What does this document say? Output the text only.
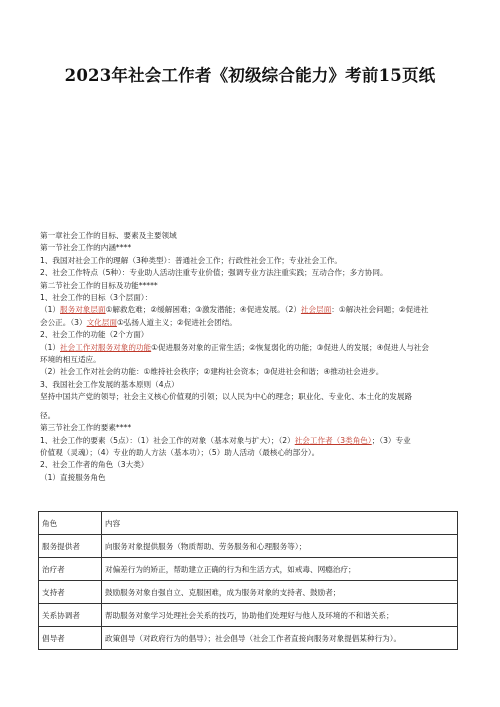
2023年社会工作者《初级综合能力》考前15页纸

第一章社会工作的目标、要素及主要领域

第一节社会工作的内涵****

1、我国对社会工作的理解（3种类型）：普通社会工作；行政性社会工作；专业社会工作。

2、社会工作特点（5种）：专业助人活动注重专业价值；强调专业方法注重实践；互动合作；多方协同。

第二节社会工作的目标及功能*****

1、社会工作的目标（3个层面）：

（1）服务对象层面①解救危难；②缓解困难；③激发潜能；④促进发展。（2）社会层面：①解决社会问题；②促进社

会公正。（3）文化层面①弘扬人道主义；②促进社会团结。

2、社会工作的功能（2个方面）

（1）社会工作对服务对象的功能①促进服务对象的正常生活；②恢复弱化的功能；③促进人的发展；④促进人与社会

环境的相互适应。

（2）社会工作对社会的功能：①维持社会秩序；②建构社会资本；③促进社会和谐；④推动社会进步。

3、我国社会工作发展的基本原则（4点）

坚持中国共产党的领导；社会主义核心价值观的引领；以人民为中心的理念；职业化、专业化、本土化的发展路

径。

第三节社会工作的要素****

1、社会工作的要素（5点）：（1）社会工作的对象（基本对象与扩大）；（2）社会工作者（3类角色）；（3）专业

价值观（灵魂）；（4）专业的助人方法（基本功）；（5）助人活动（最核心的部分）。

2、社会工作者的角色（3大类）

（1）直接服务角色

角色	内容
服务提供者	向服务对象提供服务（物质帮助、劳务服务和心理服务等）；
治疗者	对偏差行为的矫正，帮助建立正确的行为和生活方式，如戒毒、网瘾治疗；
支持者	鼓励服务对象自强自立、克服困难，成为服务对象的支持者、鼓励者；
关系协调者	帮助服务对象学习处理社会关系的技巧，协助他们处理好与他人及环境的不和谐关系；
倡导者	政策倡导（对政府行为的倡导）；社会倡导（社会工作者直接向服务对象提倡某种行为）。
